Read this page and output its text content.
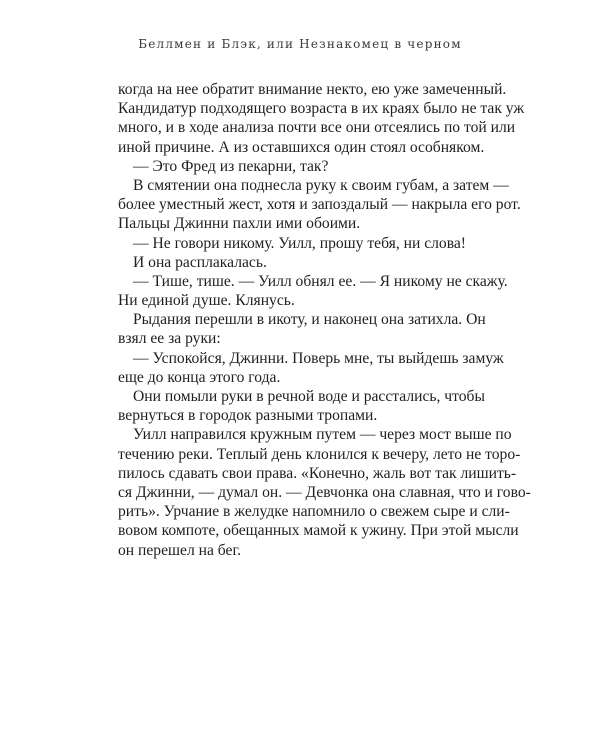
Беллмен и Блэк, или Незнакомец в черном
когда на нее обратит внимание некто, ею уже замеченный.
Кандидатур подходящего возраста в их краях было не так уж
много, и в ходе анализа почти все они отсеялись по той или
иной причине. А из оставшихся один стоял особняком.
— Это Фред из пекарни, так?
В смятении она поднесла руку к своим губам, а затем —
более уместный жест, хотя и запоздалый — накрыла его рот.
Пальцы Джинни пахли ими обоими.
— Не говори никому. Уилл, прошу тебя, ни слова!
И она расплакалась.
— Тише, тише. — Уилл обнял ее. — Я никому не скажу.
Ни единой душе. Клянусь.
Рыдания перешли в икоту, и наконец она затихла. Он
взял ее за руки:
— Успокойся, Джинни. Поверь мне, ты выйдешь замуж
еще до конца этого года.
Они помыли руки в речной воде и расстались, чтобы
вернуться в городок разными тропами.
Уилл направился кружным путем — через мост выше по
течению реки. Теплый день клонился к вечеру, лето не торо-
пилось сдавать свои права. «Конечно, жаль вот так лишить-
ся Джинни, — думал он. — Девчонка она славная, что и гово-
рить». Урчание в желудке напомнило о свежем сыре и сли-
вовом компоте, обещанных мамой к ужину. При этой мысли
он перешел на бег.
